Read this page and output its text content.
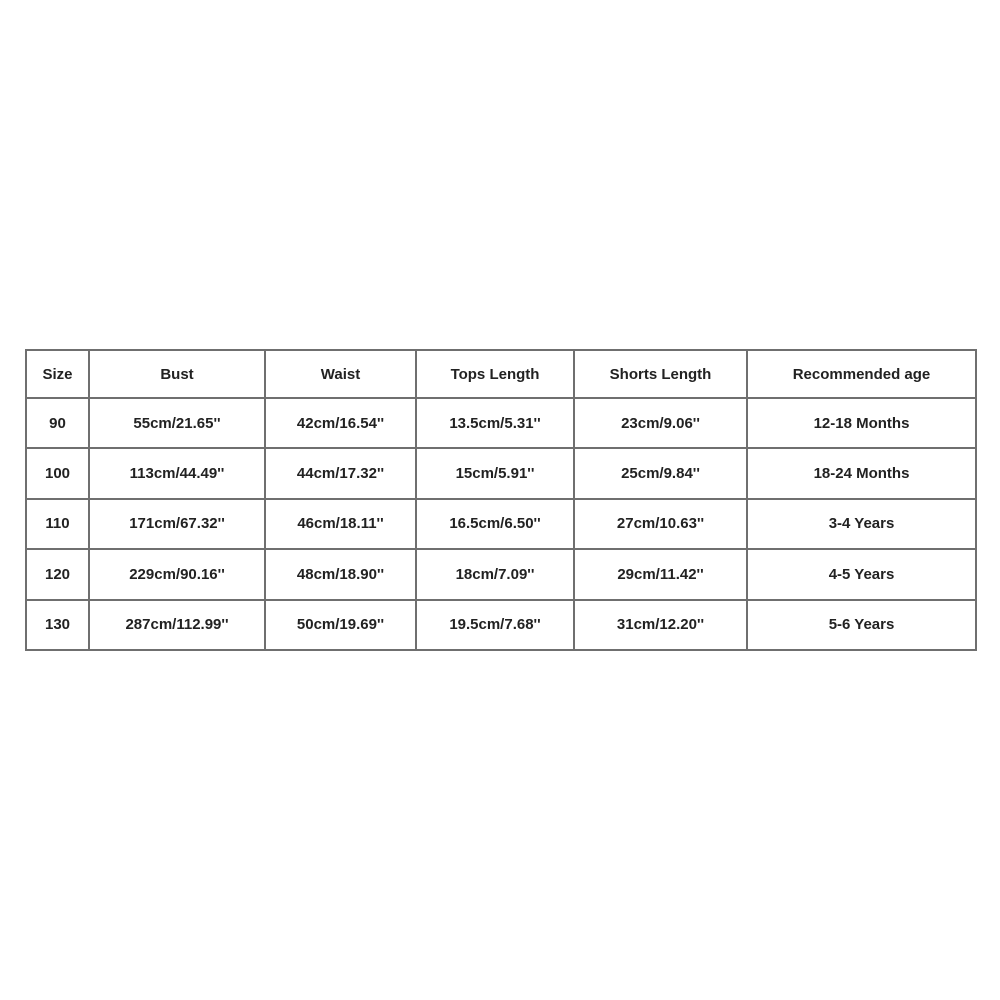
Size	Bust	Waist	Tops Length	Shorts Length	Recommended age
90	55cm/21.65''	42cm/16.54''	13.5cm/5.31''	23cm/9.06''	12-18 Months
100	113cm/44.49''	44cm/17.32''	15cm/5.91''	25cm/9.84''	18-24 Months
110	171cm/67.32''	46cm/18.11''	16.5cm/6.50''	27cm/10.63''	3-4 Years
120	229cm/90.16''	48cm/18.90''	18cm/7.09''	29cm/11.42''	4-5 Years
130	287cm/112.99''	50cm/19.69''	19.5cm/7.68''	31cm/12.20''	5-6 Years
